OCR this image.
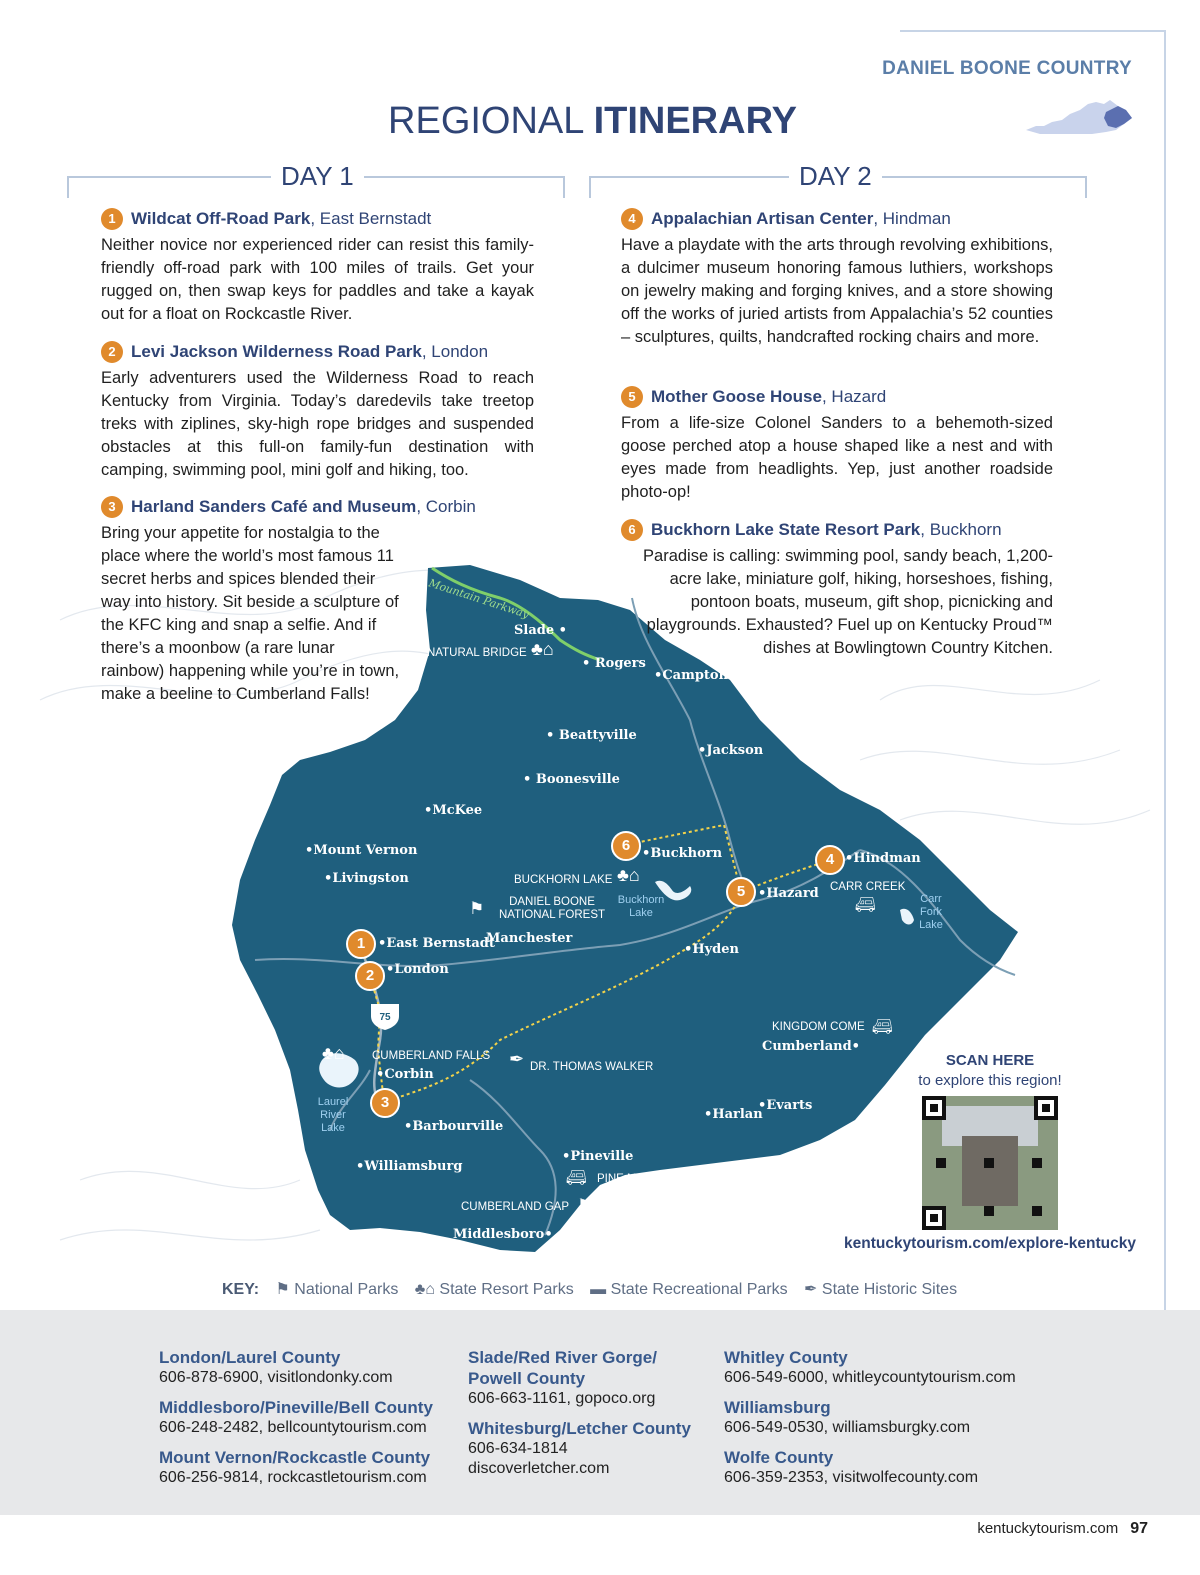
DANIEL BOONE COUNTRY
REGIONAL ITINERARY
DAY 1	DAY 2
Mountain Parkway
75
Slade •
• Rogers
•Campton
• Beattyville
•Jackson
• Boonesville
•McKee
•Mount Vernon
•Livingston
•Buckhorn	•Hindman
•Hazard
•East Bernstadt
Manchester
•London
•Hyden
•Corbin
•Barbourville
Cumberland•
•Evarts
•Harlan
•Pineville
•Williamsburg
Middlesboro•
NATURAL BRIDGE ♣⌂
BUCKHORN LAKE ♣⌂
⚑	DANIEL BOONE NATIONAL FOREST
CARR CREEK
🚐︎
KINGDOM COME 🚐︎
♣⌂ CUMBERLAND FALLS ✒ DR. THOMAS WALKER
🚐︎ PINE MOUNTAIN
CUMBERLAND GAP ⚑
Buckhorn Lake
Carr Fork Lake
Laurel River Lake
1
2
3
4
5
6
1 Wildcat Off-Road Park, East Bernstadt
Neither novice nor experienced rider can resist this family-friendly off-road park with 100 miles of trails. Get your rugged on, then swap keys for paddles and take a kayak out for a float on Rockcastle River.
2 Levi Jackson Wilderness Road Park, London
Early adventurers used the Wilderness Road to reach Kentucky from Virginia. Today’s daredevils take treetop treks with ziplines, sky-high rope bridges and suspended obstacles at this full-on family-fun destination with camping, swimming pool, mini golf and hiking, too.
3 Harland Sanders Café and Museum, Corbin
Bring your appetite for nostalgia to the place where the world’s most famous 11 secret herbs and spices blended their way into history. Sit beside a sculpture of the KFC king and snap a selfie. And if there’s a moonbow (a rare lunar rainbow) happening while you’re in town, make a beeline to Cumberland Falls!
4 Appalachian Artisan Center, Hindman
Have a playdate with the arts through revolving exhibitions, a dulcimer museum honoring famous luthiers, workshops on jewelry making and forging knives, and a store showing off the works of juried artists from Appalachia’s 52 counties – sculptures, quilts, handcrafted rocking chairs and more.
5 Mother Goose House, Hazard
From a life-size Colonel Sanders to a behemoth-sized goose perched atop a house shaped like a nest and with eyes made from headlights. Yep, just another roadside photo-op!
6 Buckhorn Lake State Resort Park, Buckhorn
Paradise is calling: swimming pool, sandy beach, 1,200-acre lake, miniature golf, hiking, horseshoes, fishing, pontoon boats, museum, gift shop, picnicking and playgrounds. Exhausted? Fuel up on Kentucky Proud™ dishes at Bowlingtown Country Kitchen.
SCAN HERE
to explore this region!
kentuckytourism.com/explore-kentucky
KEY: ⚑ National Parks ♣⌂ State Resort Parks ▬ State Recreational Parks ✒ State Historic Sites
London/Laurel County
606-878-6900, visitlondonky.com
Middlesboro/Pineville/Bell County
606-248-2482, bellcountytourism.com
Mount Vernon/Rockcastle County
606-256-9814, rockcastletourism.com
Slade/Red River Gorge/
Powell County
606-663-1161, gopoco.org
Whitesburg/Letcher County
606-634-1814
discoverletcher.com
Whitley County
606-549-6000, whitleycountytourism.com
Williamsburg
606-549-0530, williamsburgky.com
Wolfe County
606-359-2353, visitwolfecounty.com
kentuckytourism.com 97
